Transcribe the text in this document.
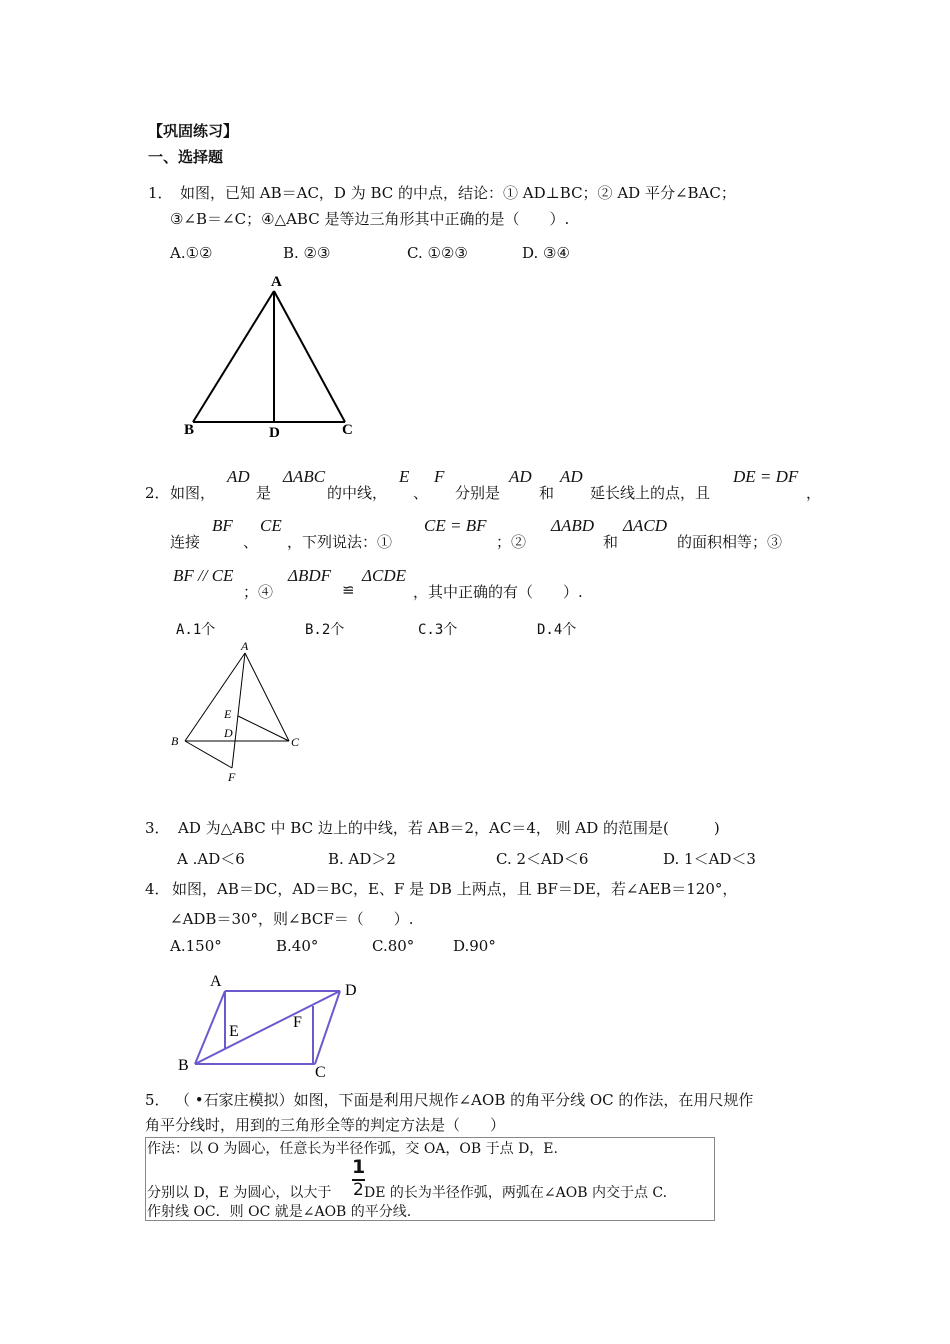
【巩固练习】
一、选择题
1． 如图，已知 AB＝AC，D 为 BC 的中点，结论：① AD⊥BC；② AD 平分∠BAC；
③∠B＝∠C；④△ABC 是等边三角形其中正确的是（　　）.
A.①②	B. ②③	C. ①②③	D. ③④
A
B	D	C
2． 如图，
AD
是
ΔABC
的中线，
E
、
F
分别是
AD
和
AD
延长线上的点，且
DE = DF
，
连接
BF
、
CE
，下列说法：①
CE = BF
；②
ΔABD
和
ΔACD
的面积相等；③
BF // CE
；④
ΔBDF
≌
ΔCDE
，其中正确的有（　　）.
A.1个	B.2个	C.3个	D.4个
A
E
D
B	C
F
3． AD 为△ABC 中 BC 边上的中线，若 AB＝2，AC＝4， 则 AD 的范围是(　　　)
A .AD＜6	B. AD＞2	C. 2＜AD＜6	D. 1＜AD＜3
4． 如图，AB＝DC，AD＝BC，E、F 是 DB 上两点，且 BF＝DE，若∠AEB＝120°，
∠ADB＝30°，则∠BCF＝（　　）.
A.150°	B.40°	C.80°	D.90°
A
D
E
F
B	C
5． （ •石家庄模拟）如图，下面是利用尺规作∠AOB 的角平分线 OC 的作法，在用尺规作
角平分线时，用到的三角形全等的判定方法是（　　）
作法：以 O 为圆心，任意长为半径作弧，交 OA，OB 于点 D，E.
1
2
分别以 D，E 为圆心，以大于 DE 的长为半径作弧，两弧在∠AOB 内交于点 C.
作射线 OC．则 OC 就是∠AOB 的平分线.
